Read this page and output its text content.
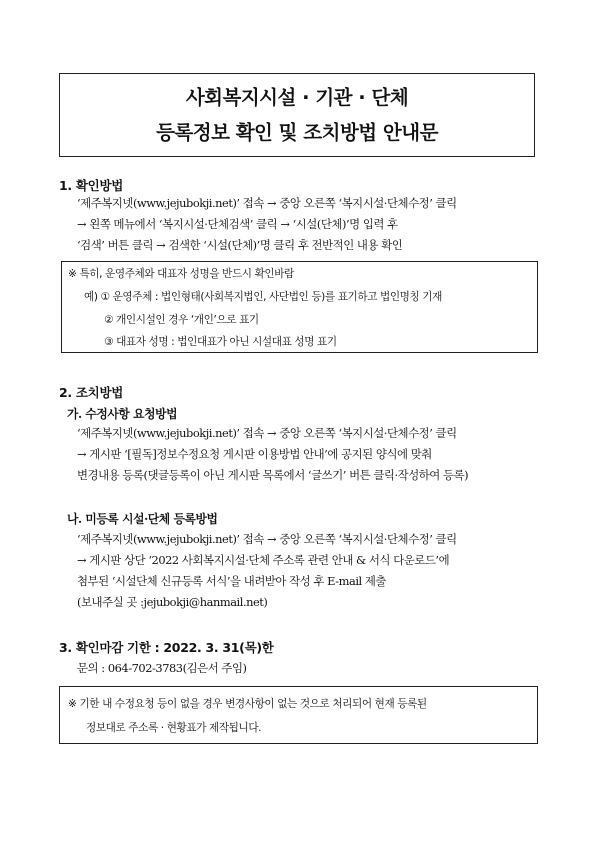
사회복지시설 · 기관 · 단체
등록정보 확인 및 조치방법 안내문
1. 확인방법
‘제주복지넷(www.jejubokji.net)’ 접속 → 중앙 오른쪽 ‘복지시설·단체수정’ 클릭
→ 왼쪽 메뉴에서 ‘복지시설·단체검색’ 클릭 → ‘시설(단체)’명 입력 후
‘검색’ 버튼 클릭 → 검색한 ‘시설(단체)’명 클릭 후 전반적인 내용 확인
※ 특히, 운영주체와 대표자 성명을 반드시 확인바람
예) ① 운영주체 : 법인형태(사회복지법인, 사단법인 등)를 표기하고 법인명칭 기재
② 개인시설인 경우 ‘개인’으로 표기
③ 대표자 성명 : 법인대표가 아닌 시설대표 성명 표기
2. 조치방법
가. 수정사항 요청방법
‘제주복지넷(www.jejubokji.net)’ 접속 → 중앙 오른쪽 ‘복지시설·단체수정’ 클릭
→ 게시판 ‘[필독]정보수정요청 게시판 이용방법 안내’에 공지된 양식에 맞춰
변경내용 등록(댓글등록이 아닌 게시판 목록에서 ‘글쓰기’ 버튼 클릭·작성하여 등록)
나. 미등록 시설·단체 등록방법
‘제주복지넷(www.jejubokji.net)’ 접속 → 중앙 오른쪽 ‘복지시설·단체수정’ 클릭
→ 게시판 상단 ‘2022 사회복지시설·단체 주소록 관련 안내 & 서식 다운로드’에
첨부된 ‘시설단체 신규등록 서식’을 내려받아 작성 후 E-mail 제출
(보내주실 곳 :jejubokji@hanmail.net)
3. 확인마감 기한 : 2022. 3. 31(목)한
문의 : 064-702-3783(김은서 주임)
※ 기한 내 수정요청 등이 없을 경우 변경사항이 없는 것으로 처리되어 현재 등록된
정보대로 주소록 · 현황표가 제작됩니다.
